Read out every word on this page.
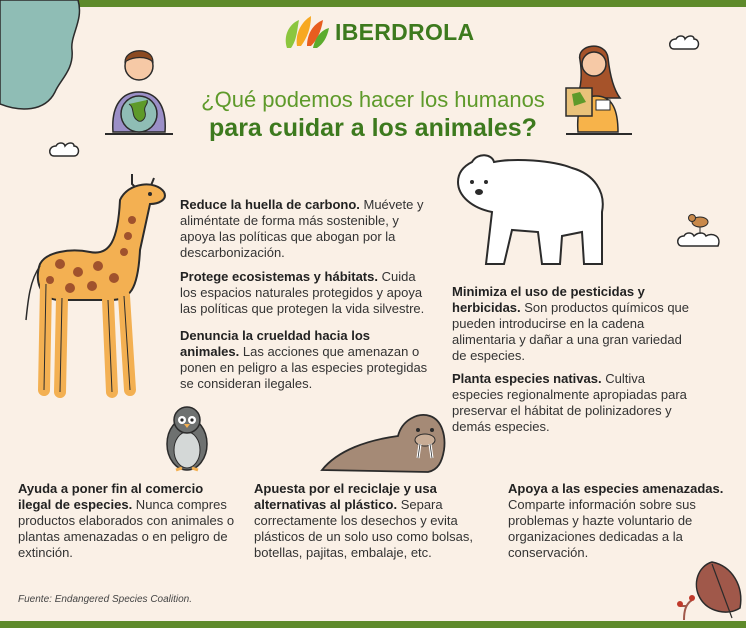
IBERDROLA
¿Qué podemos hacer los humanos
para cuidar a los animales?
Reduce la huella de carbono. Muévete y aliméntate de forma más sostenible, y apoya las políticas que abogan por la descarbonización.
Protege ecosistemas y hábitats. Cuida los espacios naturales protegidos y apoya las políticas que protegen la vida silvestre.
Denuncia la crueldad hacia los animales. Las acciones que amenazan o ponen en peligro a las especies protegidas se consideran ilegales.
Minimiza el uso de pesticidas y herbicidas. Son productos químicos que pueden introducirse en la cadena alimentaria y dañar a una gran variedad de especies.
Planta especies nativas. Cultiva especies regionalmente apropiadas para preservar el hábitat de polinizadores y demás especies.
Ayuda a poner fin al comercio ilegal de especies. Nunca compres productos elaborados con animales o plantas amenazadas o en peligro de extinción.
Apuesta por el reciclaje y usa alternativas al plástico. Separa correctamente los desechos y evita plásticos de un solo uso como bolsas, botellas, pajitas, embalaje, etc.
Apoya a las especies amenazadas. Comparte información sobre sus problemas y hazte voluntario de organizaciones dedicadas a la conservación.
Fuente: Endangered Species Coalition.
